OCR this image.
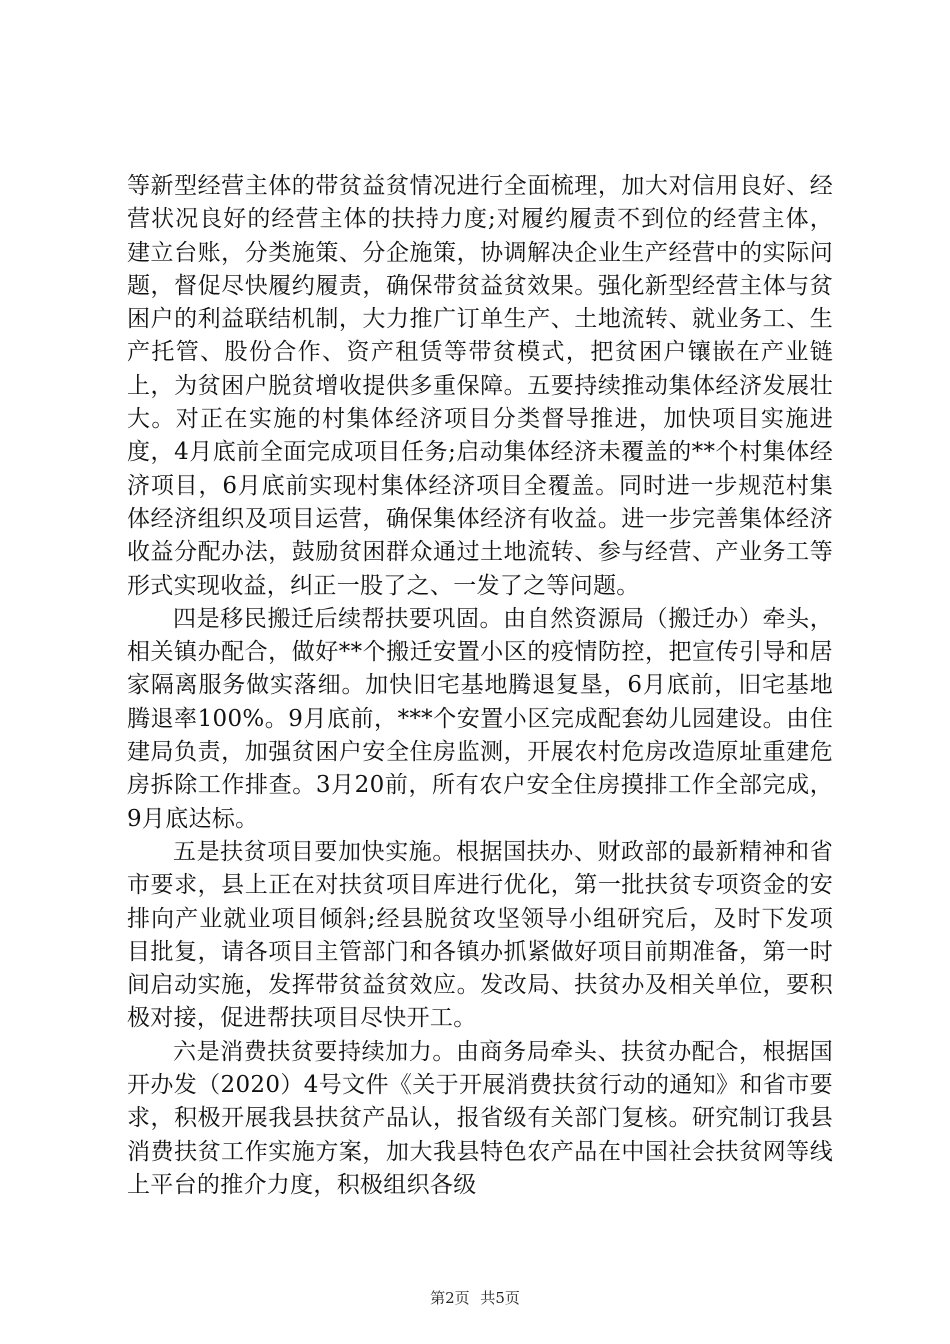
等新型经营主体的带贫益贫情况进行全面梳理，加大对信用良好、经营状况良好的经营主体的扶持力度;对履约履责不到位的经营主体，建立台账，分类施策、分企施策，协调解决企业生产经营中的实际问题，督促尽快履约履责，确保带贫益贫效果。强化新型经营主体与贫困户的利益联结机制，大力推广订单生产、土地流转、就业务工、生产托管、股份合作、资产租赁等带贫模式，把贫困户镶嵌在产业链上，为贫困户脱贫增收提供多重保障。五要持续推动集体经济发展壮大。对正在实施的村集体经济项目分类督导推进，加快项目实施进度，4月底前全面完成项目任务;启动集体经济未覆盖的**个村集体经济项目，6月底前实现村集体经济项目全覆盖。同时进一步规范村集体经济组织及项目运营，确保集体经济有收益。进一步完善集体经济收益分配办法，鼓励贫困群众通过土地流转、参与经营、产业务工等形式实现收益，纠正一股了之、一发了之等问题。

四是移民搬迁后续帮扶要巩固。由自然资源局（搬迁办）牵头，相关镇办配合，做好**个搬迁安置小区的疫情防控，把宣传引导和居家隔离服务做实落细。加快旧宅基地腾退复垦，6月底前，旧宅基地腾退率100%。9月底前，***个安置小区完成配套幼儿园建设。由住建局负责，加强贫困户安全住房监测，开展农村危房改造原址重建危房拆除工作排查。3月20前，所有农户安全住房摸排工作全部完成，9月底达标。

五是扶贫项目要加快实施。根据国扶办、财政部的最新精神和省市要求，县上正在对扶贫项目库进行优化，第一批扶贫专项资金的安排向产业就业项目倾斜;经县脱贫攻坚领导小组研究后，及时下发项目批复，请各项目主管部门和各镇办抓紧做好项目前期准备，第一时间启动实施，发挥带贫益贫效应。发改局、扶贫办及相关单位，要积极对接，促进帮扶项目尽快开工。

六是消费扶贫要持续加力。由商务局牵头、扶贫办配合，根据国开办发（2020）4号文件《关于开展消费扶贫行动的通知》和省市要求，积极开展我县扶贫产品认，报省级有关部门复核。研究制订我县消费扶贫工作实施方案，加大我县特色农产品在中国社会扶贫网等线上平台的推介力度，积极组织各级

第2页 共5页
